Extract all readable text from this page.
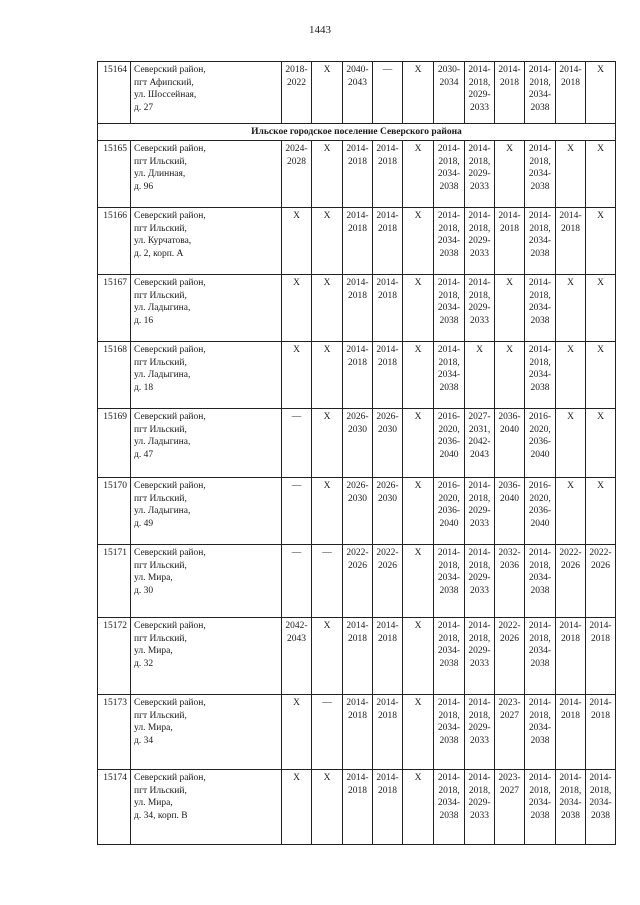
1443
15164	Северский район,
пгт Афипский,
ул. Шоссейная,
д. 27	2018-
2022	Х	2040-
2043	—	Х	2030-
2034	2014-
2018,
2029-
2033	2014-
2018	2014-
2018,
2034-
2038	2014-
2018	Х

Ильское городское поселение Северского района												
15165	Северский район,
пгт Ильский,
ул. Длинная,
д. 96	2024-
2028	Х	2014-
2018	2014-
2018	Х	2014-
2018,
2034-
2038	2014-
2018,
2029-
2033	Х	2014-
2018,
2034-
2038	Х	Х

15166	Северский район,
пгт Ильский,
ул. Курчатова,
д. 2, корп. А	Х	Х	2014-
2018	2014-
2018	Х	2014-
2018,
2034-
2038	2014-
2018,
2029-
2033	2014-
2018	2014-
2018,
2034-
2038	2014-
2018	Х

15167	Северский район,
пгт Ильский,
ул. Ладыгина,
д. 16	Х	Х	2014-
2018	2014-
2018	Х	2014-
2018,
2034-
2038	2014-
2018,
2029-
2033	Х	2014-
2018,
2034-
2038	Х	Х

15168	Северский район,
пгт Ильский,
ул. Ладыгина,
д. 18	Х	Х	2014-
2018	2014-
2018	Х	2014-
2018,
2034-
2038	Х	Х	2014-
2018,
2034-
2038	Х	Х

15169	Северский район,
пгт Ильский,
ул. Ладыгина,
д. 47	—	Х	2026-
2030	2026-
2030	Х	2016-
2020,
2036-
2040	2027-
2031,
2042-
2043	2036-
2040	2016-
2020,
2036-
2040	Х	Х

15170	Северский район,
пгт Ильский,
ул. Ладыгина,
д. 49	—	Х	2026-
2030	2026-
2030	Х	2016-
2020,
2036-
2040	2014-
2018,
2029-
2033	2036-
2040	2016-
2020,
2036-
2040	Х	Х

15171	Северский район,
пгт Ильский,
ул. Мира,
д. 30	—	—	2022-
2026	2022-
2026	Х	2014-
2018,
2034-
2038	2014-
2018,
2029-
2033	2032-
2036	2014-
2018,
2034-
2038	2022-
2026	2022-
2026

15172	Северский район,
пгт Ильский,
ул. Мира,
д. 32	2042-
2043	Х	2014-
2018	2014-
2018	Х	2014-
2018,
2034-
2038	2014-
2018,
2029-
2033	2022-
2026	2014-
2018,
2034-
2038	2014-
2018	2014-
2018

15173	Северский район,
пгт Ильский,
ул. Мира,
д. 34	Х	—	2014-
2018	2014-
2018	Х	2014-
2018,
2034-
2038	2014-
2018,
2029-
2033	2023-
2027	2014-
2018,
2034-
2038	2014-
2018	2014-
2018

15174	Северский район,
пгт Ильский,
ул. Мира,
д. 34, корп. В	Х	Х	2014-
2018	2014-
2018	Х	2014-
2018,
2034-
2038	2014-
2018,
2029-
2033	2023-
2027	2014-
2018,
2034-
2038	2014-
2018,
2034-
2038	2014-
2018,
2034-
2038
